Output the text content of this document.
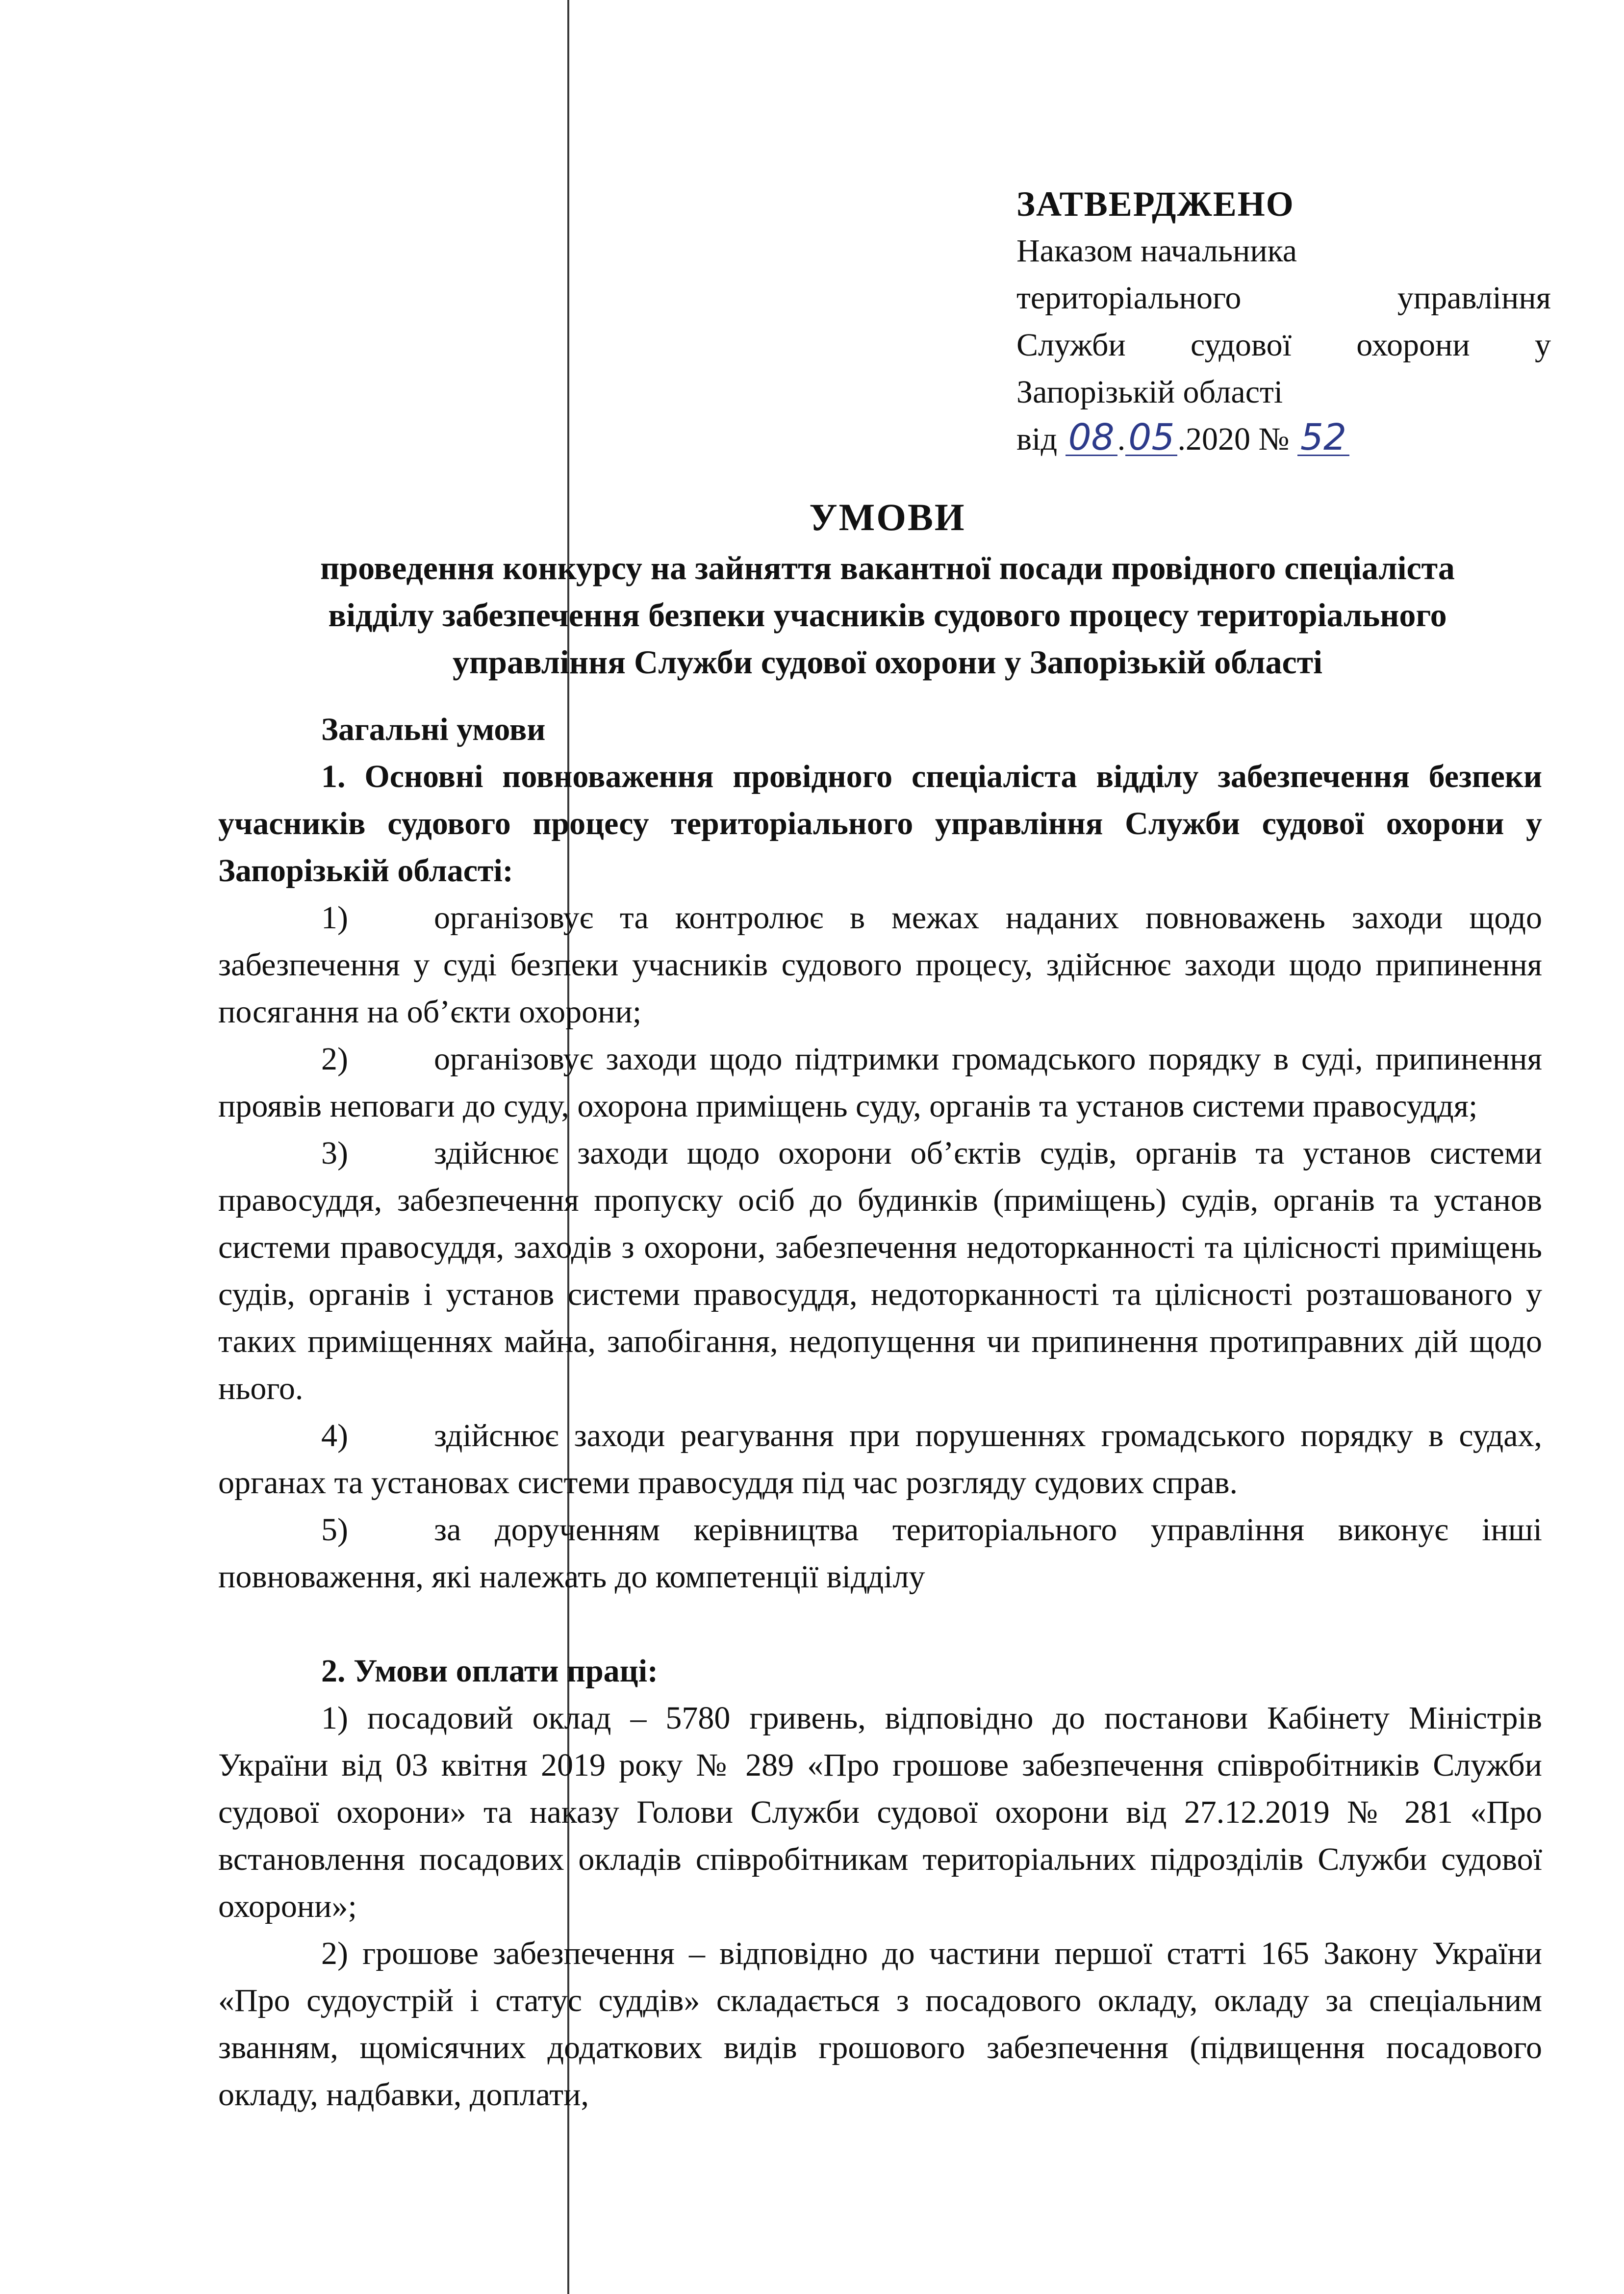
ЗАТВЕРДЖЕНО
Наказом начальника
територіального	управління
Служби судової охорони у
Запорізькій області
від 08.05.2020 № 52
УМОВИ
проведення конкурсу на зайняття вакантної посади провідного спеціаліста
відділу забезпечення безпеки учасників судового процесу територіального
управління Служби судової охорони у Запорізькій області

Загальні умови

1. Основні повноваження провідного спеціаліста відділу забезпечення безпеки учасників судового процесу територіального управління Служби судової охорони у Запорізькій області:

1)	організовує та контролює в межах наданих повноважень заходи щодо забезпечення у суді безпеки учасників судового процесу, здійснює заходи щодо припинення посягання на об’єкти охорони;

2)	організовує заходи щодо підтримки громадського порядку в суді, припинення проявів неповаги до суду, охорона приміщень суду, органів та установ системи правосуддя;

3)	здійснює заходи щодо охорони об’єктів судів, органів та установ системи правосуддя, забезпечення пропуску осіб до будинків (приміщень) судів, органів та установ системи правосуддя, заходів з охорони, забезпечення недоторканності та цілісності приміщень судів, органів і установ системи правосуддя, недоторканності та цілісності розташованого у таких приміщеннях майна, запобігання, недопущення чи припинення протиправних дій щодо нього.

4)	здійснює заходи реагування при порушеннях громадського порядку в судах, органах та установах системи правосуддя під час розгляду судових справ.

5)	за дорученням керівництва територіального управління виконує інші повноваження, які належать до компетенції відділу

2. Умови оплати праці:

1) посадовий оклад – 5780 гривень, відповідно до постанови Кабінету Міністрів України від 03 квітня 2019 року № 289 «Про грошове забезпечення співробітників Служби судової охорони» та наказу Голови Служби судової охорони від 27.12.2019 № 281 «Про встановлення посадових окладів співробітникам територіальних підрозділів Служби судової охорони»;

2) грошове забезпечення – відповідно до частини першої статті 165 Закону України «Про судоустрій і статус суддів» складається з посадового окладу, окладу за спеціальним званням, щомісячних додаткових видів грошового забезпечення (підвищення посадового окладу, надбавки, доплати,
